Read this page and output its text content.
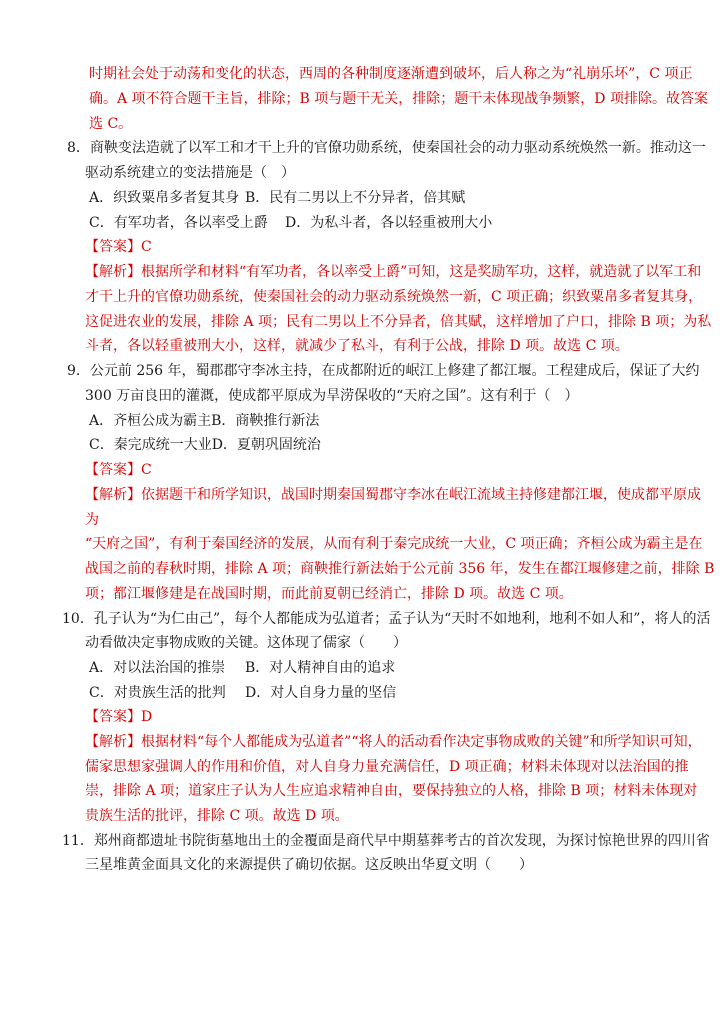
时期社会处于动荡和变化的状态，西周的各种制度逐渐遭到破坏，后人称之为“礼崩乐坏”，C 项正
确。A 项不符合题干主旨，排除；B 项与题干无关，排除；题干未体现战争频繁，D 项排除。故答案
选 C。
8．商鞅变法造就了以军工和才干上升的官僚功勋系统，使秦国社会的动力驱动系统焕然一新。推动这一
驱动系统建立的变法措施是（　）
A．织致粟帛多者复其身 B．民有二男以上不分异者，倍其赋
C．有军功者，各以率受上爵 D．为私斗者，各以轻重被刑大小
【答案】C
【解析】根据所学和材料“有军功者，各以率受上爵”可知，这是奖励军功，这样，就造就了以军工和
才干上升的官僚功勋系统，使秦国社会的动力驱动系统焕然一新，C 项正确；织致粟帛多者复其身，
这促进农业的发展，排除 A 项；民有二男以上不分异者，倍其赋，这样增加了户口，排除 B 项；为私
斗者，各以轻重被刑大小，这样，就减少了私斗，有利于公战，排除 D 项。故选 C 项。
9．公元前 256 年，蜀郡郡守李冰主持，在成都附近的岷江上修建了都江堰。工程建成后，保证了大约
300 万亩良田的灌溉，使成都平原成为旱涝保收的“天府之国”。这有利于（　）
A．齐桓公成为霸主B．商鞅推行新法
C．秦完成统一大业D．夏朝巩固统治
【答案】C
【解析】依据题干和所学知识，战国时期秦国蜀郡守李冰在岷江流域主持修建都江堰，使成都平原成
为
“天府之国”，有利于秦国经济的发展，从而有利于秦完成统一大业，C 项正确；齐桓公成为霸主是在
战国之前的春秋时期，排除 A 项；商鞅推行新法始于公元前 356 年，发生在都江堰修建之前，排除 B
项；都江堰修建是在战国时期，而此前夏朝已经消亡，排除 D 项。故选 C 项。
10．孔子认为“为仁由己”，每个人都能成为弘道者；孟子认为“天时不如地利，地利不如人和”，将人的活
动看做决定事物成败的关键。这体现了儒家（　　）
A．对以法治国的推崇 B．对人精神自由的追求
C．对贵族生活的批判 D．对人自身力量的坚信
【答案】D
【解析】根据材料“每个人都能成为弘道者”“将人的活动看作决定事物成败的关键”和所学知识可知，
儒家思想家强调人的作用和价值，对人自身力量充满信任，D 项正确；材料未体现对以法治国的推
崇，排除 A 项；道家庄子认为人生应追求精神自由，要保持独立的人格，排除 B 项；材料未体现对
贵族生活的批评，排除 C 项。故选 D 项。
11．郑州商都遗址书院街墓地出土的金覆面是商代早中期墓葬考古的首次发现，为探讨惊艳世界的四川省
三星堆黄金面具文化的来源提供了确切依据。这反映出华夏文明（　　）
